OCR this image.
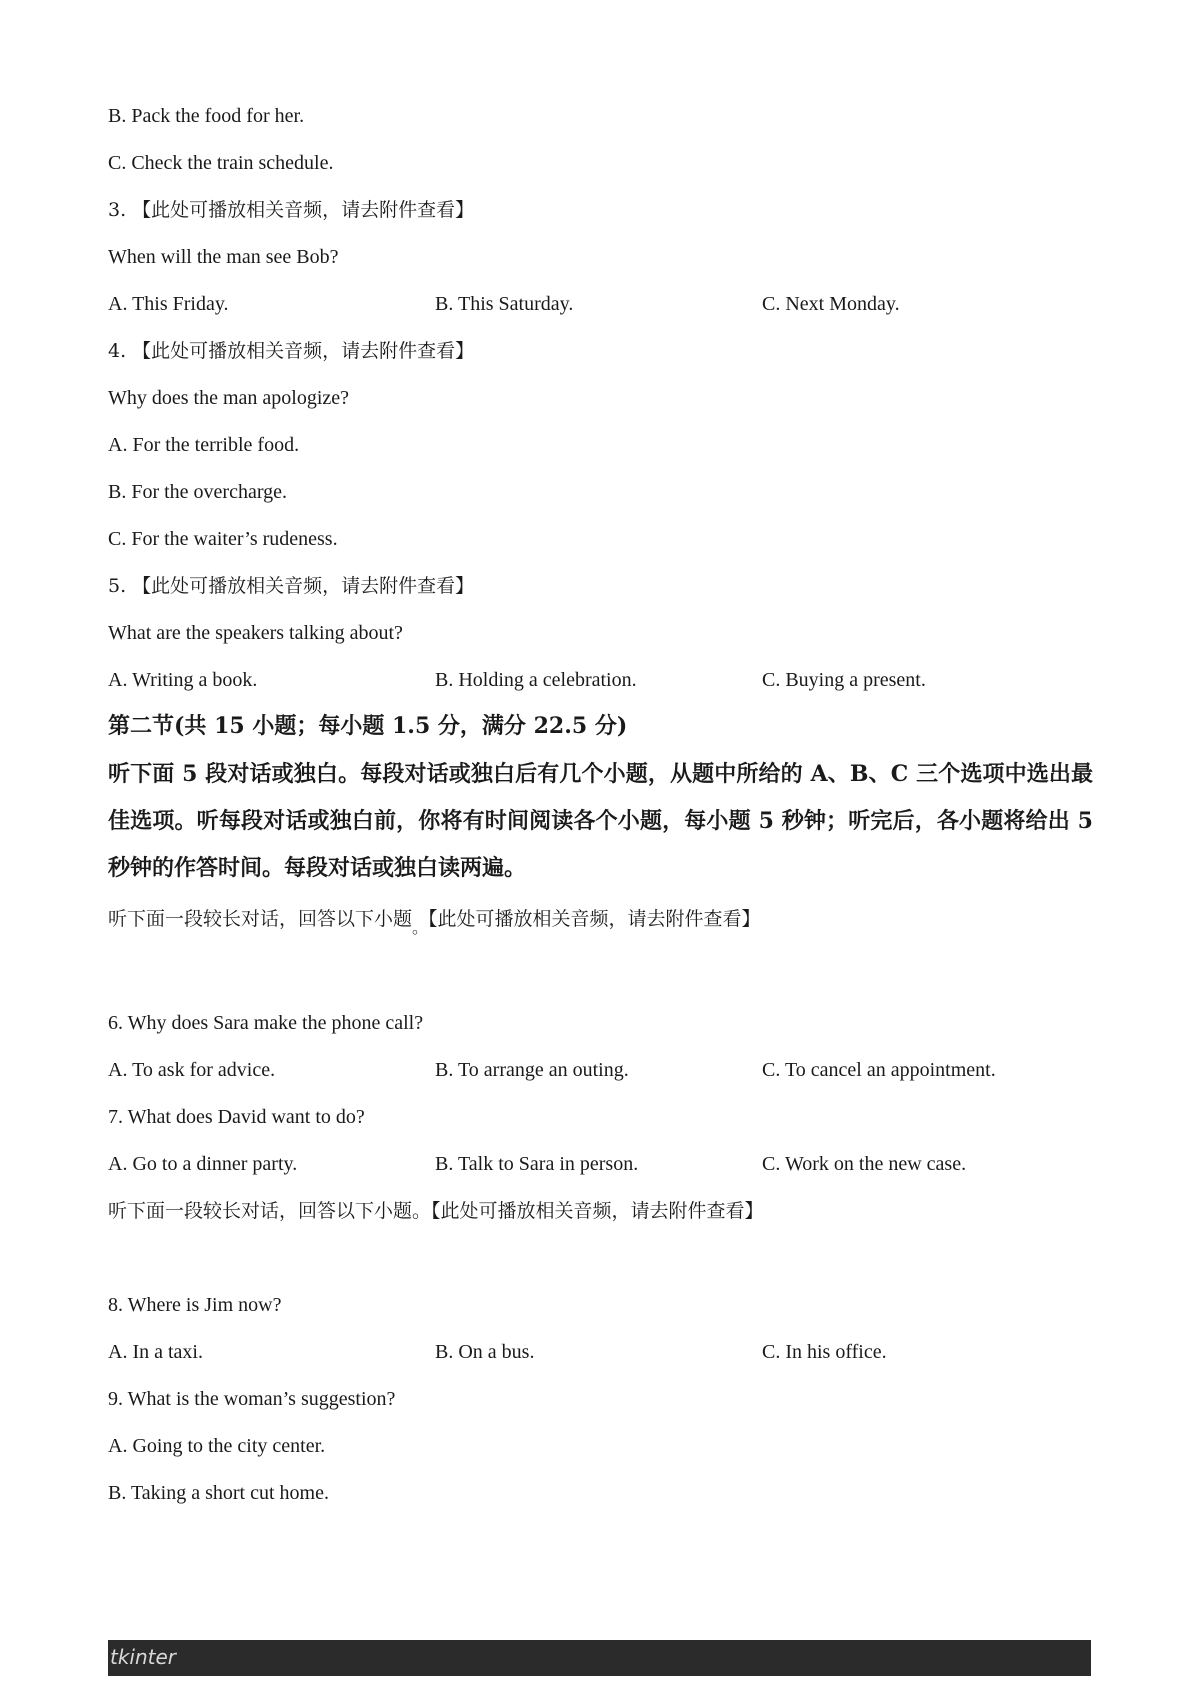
B. Pack the food for her.
C. Check the train schedule.
3. 【此处可播放相关音频，请去附件查看】
When will the man see Bob?
A. This Friday.	B. This Saturday.	C. Next Monday.
4. 【此处可播放相关音频，请去附件查看】
Why does the man apologize?
A. For the terrible food.
B. For the overcharge.
C. For the waiter’s rudeness.
5. 【此处可播放相关音频，请去附件查看】
What are the speakers talking about?
A. Writing a book.	B. Holding a celebration.	C. Buying a present.
第二节(共 15 小题；每小题 1.5 分，满分 22.5 分)
听下面 5 段对话或独白。每段对话或独白后有几个小题，从题中所给的 A、B、C 三个选项中选出最佳选项。听每段对话或独白前，你将有时间阅读各个小题，每小题 5 秒钟；听完后，各小题将给出 5 秒钟的作答时间。每段对话或独白读两遍。
听下面一段较长对话，回答以下小题$_。$【此处可播放相关音频，请去附件查看】
6. Why does Sara make the phone call?
A. To ask for advice.	B. To arrange an outing.	C. To cancel an appointment.
7. What does David want to do?
A. Go to a dinner party.	B. Talk to Sara in person.	C. Work on the new case.
听下面一段较长对话，回答以下小题。【此处可播放相关音频，请去附件查看】
8. Where is Jim now?
A. In a taxi.	B. On a bus.	C. In his office.
9. What is the woman’s suggestion?
A. Going to the city center.
B. Taking a short cut home.
tkinter
